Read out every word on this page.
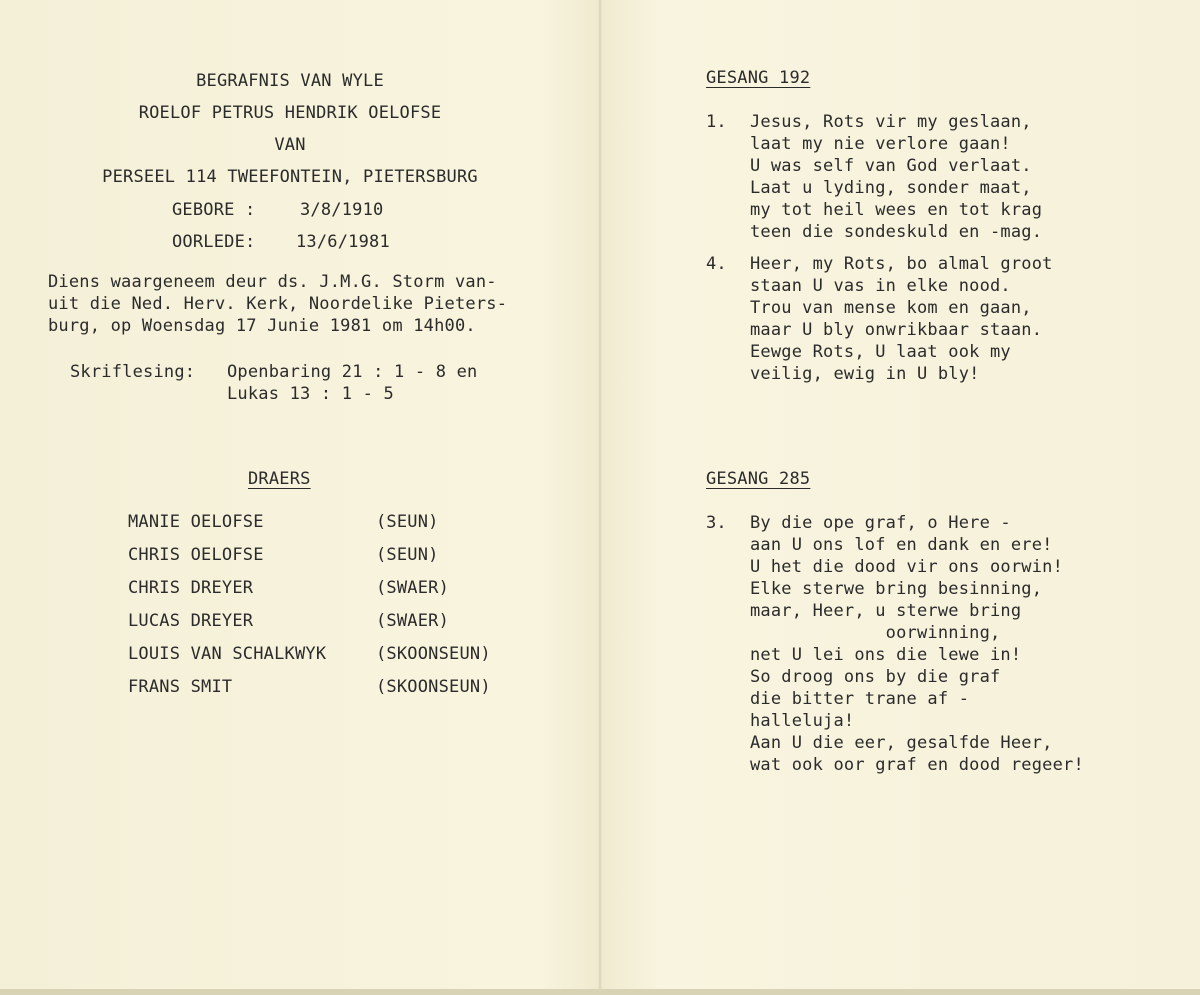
BEGRAFNIS VAN WYLE
ROELOF PETRUS HENDRIK OELOFSE
VAN
PERSEEL 114 TWEEFONTEIN, PIETERSBURG
GEBORE :	3/8/1910
OORLEDE: 13/6/1981
Diens waargeneem deur ds. J.M.G. Storm van-
uit die Ned. Herv. Kerk, Noordelike Pieters-
burg, op Woensdag 17 Junie 1981 om 14h00.
Skriflesing: Openbaring 21 : 1 - 8 en
Lukas 13 : 1 - 5
DRAERS
MANIE OELOFSE	(SEUN)
CHRIS OELOFSE	(SEUN)
CHRIS DREYER	(SWAER)
LUCAS DREYER	(SWAER)
LOUIS VAN SCHALKWYK	(SKOONSEUN)
FRANS SMIT	(SKOONSEUN)
GESANG 192
1. Jesus, Rots vir my geslaan,
laat my nie verlore gaan!
U was self van God verlaat.
Laat u lyding, sonder maat,
my tot heil wees en tot krag
teen die sondeskuld en -mag.
4. Heer, my Rots, bo almal groot
staan U vas in elke nood.
Trou van mense kom en gaan,
maar U bly onwrikbaar staan.
Eewge Rots, U laat ook my
veilig, ewig in U bly!
GESANG 285
3. By die ope graf, o Here -
aan U ons lof en dank en ere!
U het die dood vir ons oorwin!
Elke sterwe bring besinning,
maar, Heer, u sterwe bring
oorwinning,
net U lei ons die lewe in!
So droog ons by die graf
die bitter trane af -
halleluja!
Aan U die eer, gesalfde Heer,
wat ook oor graf en dood regeer!
